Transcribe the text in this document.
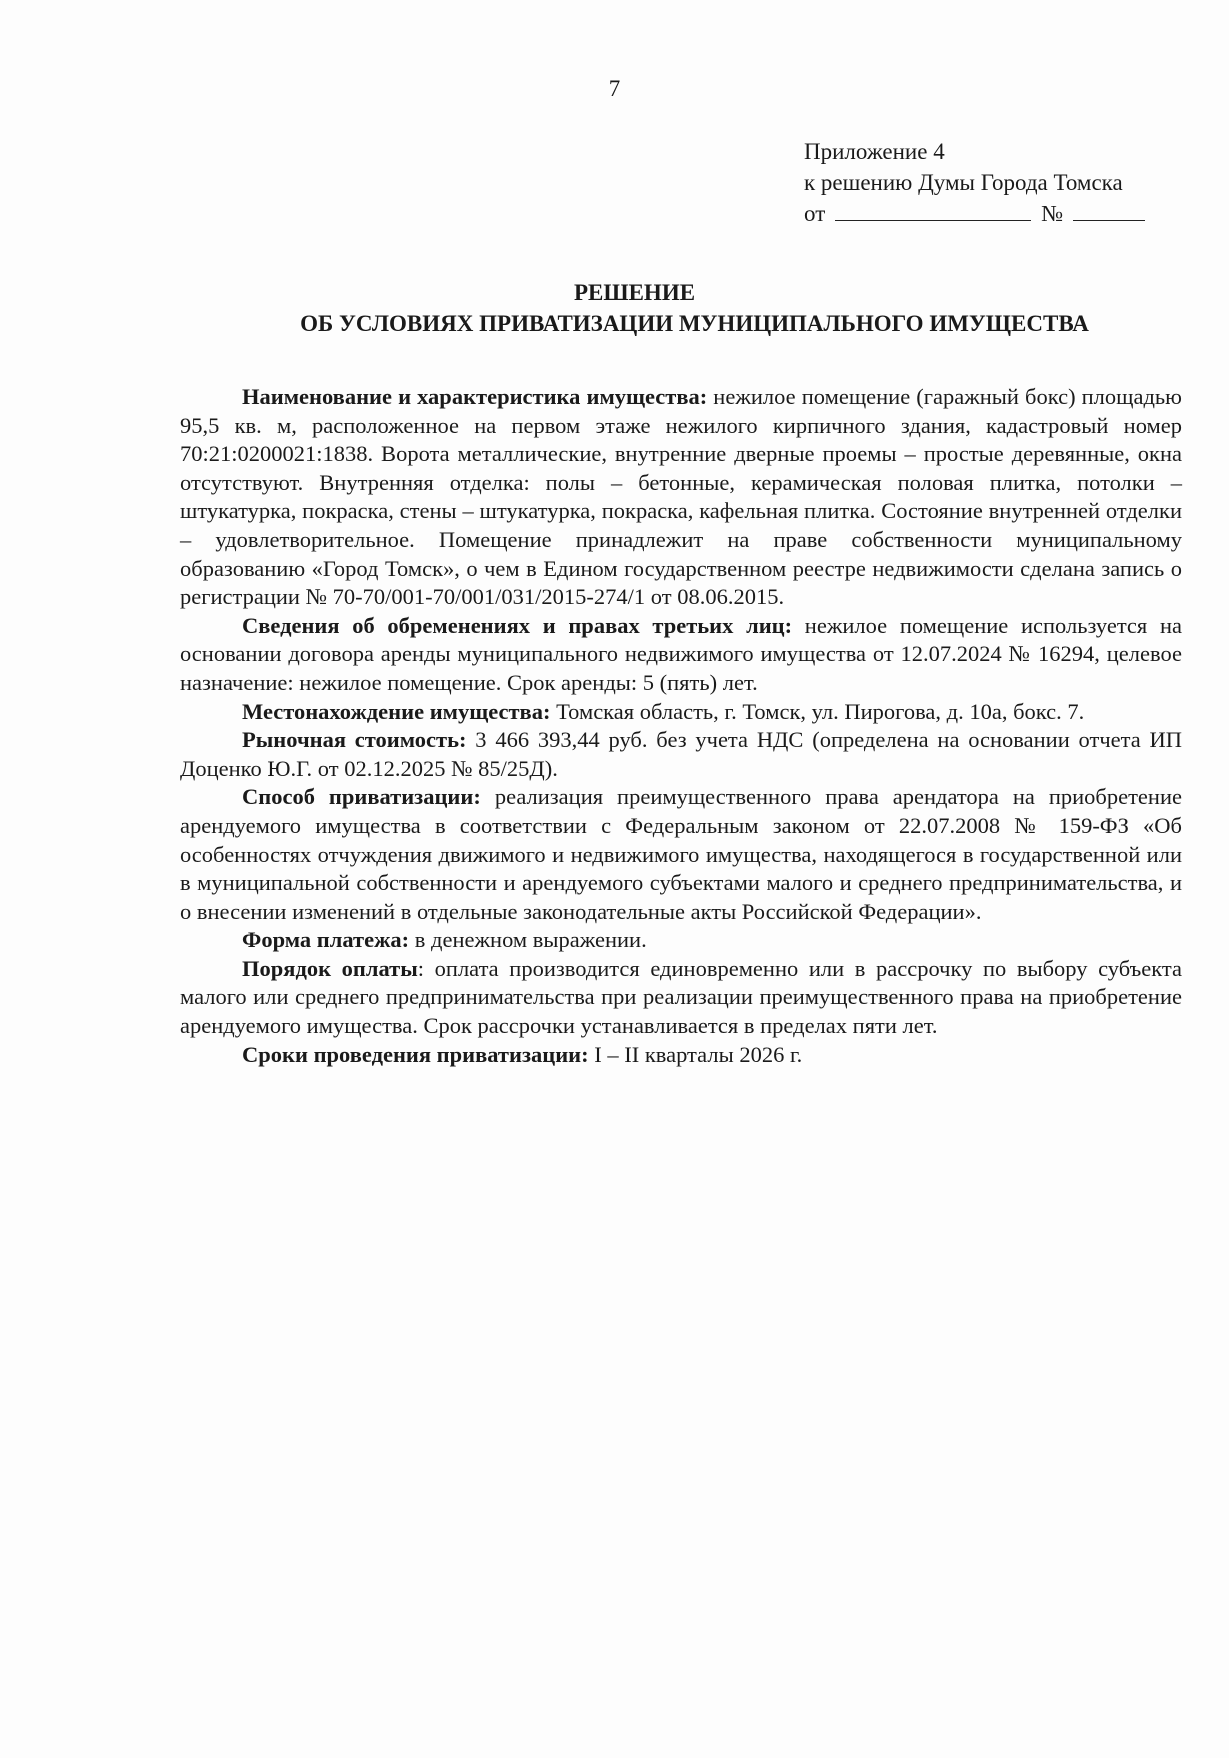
7
Приложение 4
к решению Думы Города Томска
от	№
РЕШЕНИЕ
ОБ УСЛОВИЯХ ПРИВАТИЗАЦИИ МУНИЦИПАЛЬНОГО ИМУЩЕСТВА

Наименование и характеристика имущества: нежилое помещение (гаражный бокс) площадью 95,5 кв. м, расположенное на первом этаже нежилого кирпичного здания, кадастровый номер 70:21:0200021:1838. Ворота металлические, внутренние дверные проемы – простые деревянные, окна отсутствуют. Внутренняя отделка: полы – бетонные, керамическая половая плитка, потолки – штукатурка, покраска, стены – штукатурка, покраска, кафельная плитка. Состояние внутренней отделки – удовлетворительное. Помещение принадлежит на праве собственности муниципальному образованию «Город Томск», о чем в Едином государственном реестре недвижимости сделана запись о регистрации № 70-70/001-70/001/031/2015-274/1 от 08.06.2015.

Сведения об обременениях и правах третьих лиц: нежилое помещение используется на основании договора аренды муниципального недвижимого имущества от 12.07.2024 № 16294, целевое назначение: нежилое помещение. Срок аренды: 5 (пять) лет.

Местонахождение имущества: Томская область, г. Томск, ул. Пирогова, д. 10а, бокс. 7.

Рыночная стоимость: 3 466 393,44 руб. без учета НДС (определена на основании отчета ИП Доценко Ю.Г. от 02.12.2025 № 85/25Д).

Способ приватизации: реализация преимущественного права арендатора на приобретение арендуемого имущества в соответствии с Федеральным законом от 22.07.2008 № 159-ФЗ «Об особенностях отчуждения движимого и недвижимого имущества, находящегося в государственной или в муниципальной собственности и арендуемого субъектами малого и среднего предпринимательства, и о внесении изменений в отдельные законодательные акты Российской Федерации».

Форма платежа: в денежном выражении.

Порядок оплаты: оплата производится единовременно или в рассрочку по выбору субъекта малого или среднего предпринимательства при реализации преимущественного права на приобретение арендуемого имущества. Срок рассрочки устанавливается в пределах пяти лет.

Сроки проведения приватизации: I – II кварталы 2026 г.
